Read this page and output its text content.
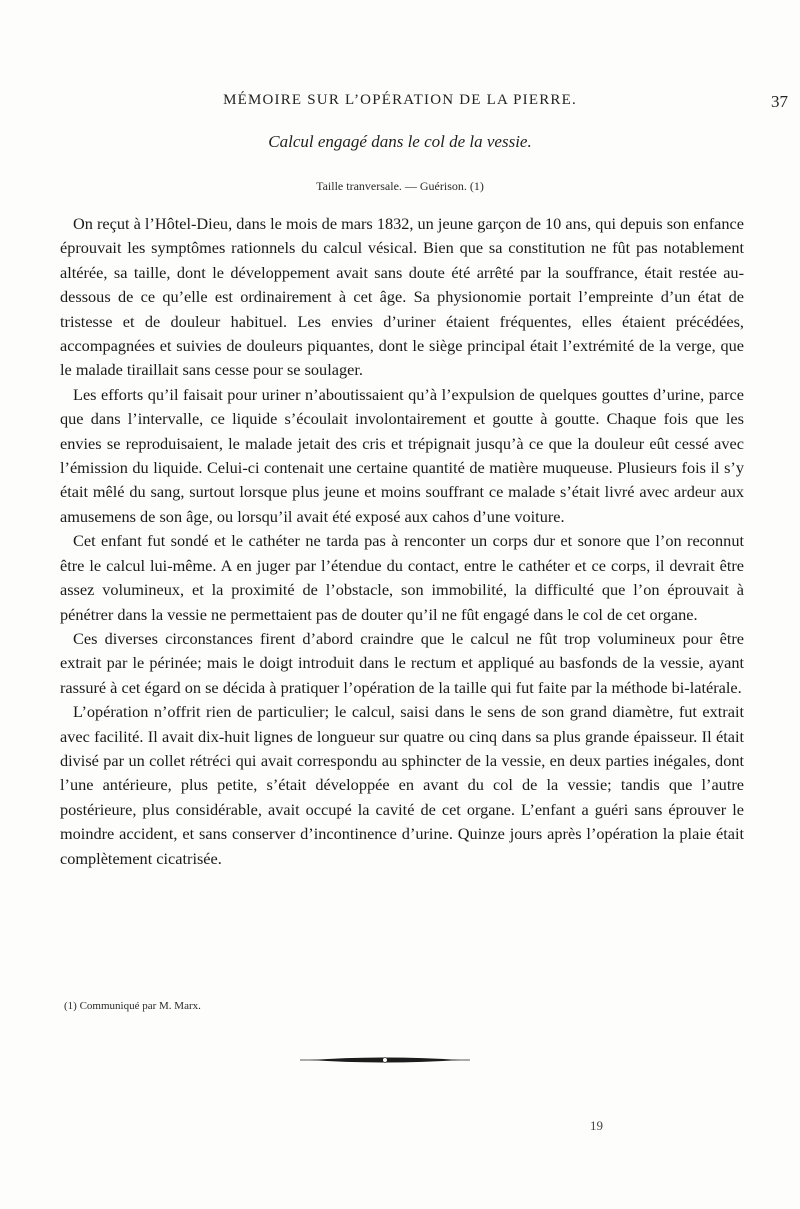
MÉMOIRE SUR L’OPÉRATION DE LA PIERRE.	37
Calcul engagé dans le col de la vessie.
Taille tranversale. — Guérison. (1)

On reçut à l’Hôtel-Dieu, dans le mois de mars 1832, un jeune garçon de 10 ans, qui depuis son enfance éprouvait les symptômes rationnels du calcul vésical. Bien que sa constitution ne fût pas notablement altérée, sa taille, dont le développement avait sans doute été arrêté par la souffrance, était restée au-dessous de ce qu’elle est ordinairement à cet âge. Sa physionomie portait l’empreinte d’un état de tristesse et de douleur habituel. Les envies d’uriner étaient fréquentes, elles étaient précédées, accompagnées et suivies de douleurs piquantes, dont le siège principal était l’extrémité de la verge, que le malade tiraillait sans cesse pour se soulager.

Les efforts qu’il faisait pour uriner n’aboutissaient qu’à l’expulsion de quelques gouttes d’urine, parce que dans l’intervalle, ce liquide s’écoulait involontairement et goutte à goutte. Chaque fois que les envies se reproduisaient, le malade jetait des cris et trépignait jusqu’à ce que la douleur eût cessé avec l’émission du liquide. Celui-ci contenait une certaine quantité de matière muqueuse. Plusieurs fois il s’y était mêlé du sang, surtout lorsque plus jeune et moins souffrant ce malade s’était livré avec ardeur aux amusemens de son âge, ou lorsqu’il avait été exposé aux cahos d’une voiture.

Cet enfant fut sondé et le cathéter ne tarda pas à renconter un corps dur et sonore que l’on reconnut être le calcul lui-même. A en juger par l’étendue du contact, entre le cathéter et ce corps, il devrait être assez volumineux, et la proximité de l’obstacle, son immobilité, la difficulté que l’on éprouvait à pénétrer dans la vessie ne permettaient pas de douter qu’il ne fût engagé dans le col de cet organe.

Ces diverses circonstances firent d’abord craindre que le calcul ne fût trop volumineux pour être extrait par le périnée; mais le doigt introduit dans le rectum et appliqué au basfonds de la vessie, ayant rassuré à cet égard on se décida à pratiquer l’opération de la taille qui fut faite par la méthode bi-latérale.

L’opération n’offrit rien de particulier; le calcul, saisi dans le sens de son grand diamètre, fut extrait avec facilité. Il avait dix-huit lignes de longueur sur quatre ou cinq dans sa plus grande épaisseur. Il était divisé par un collet rétréci qui avait correspondu au sphincter de la vessie, en deux parties inégales, dont l’une antérieure, plus petite, s’était développée en avant du col de la vessie; tandis que l’autre postérieure, plus considérable, avait occupé la cavité de cet organe. L’enfant a guéri sans éprouver le moindre accident, et sans conserver d’incontinence d’urine. Quinze jours après l’opération la plaie était complètement cicatrisée.

(1) Communiqué par M. Marx.
19
